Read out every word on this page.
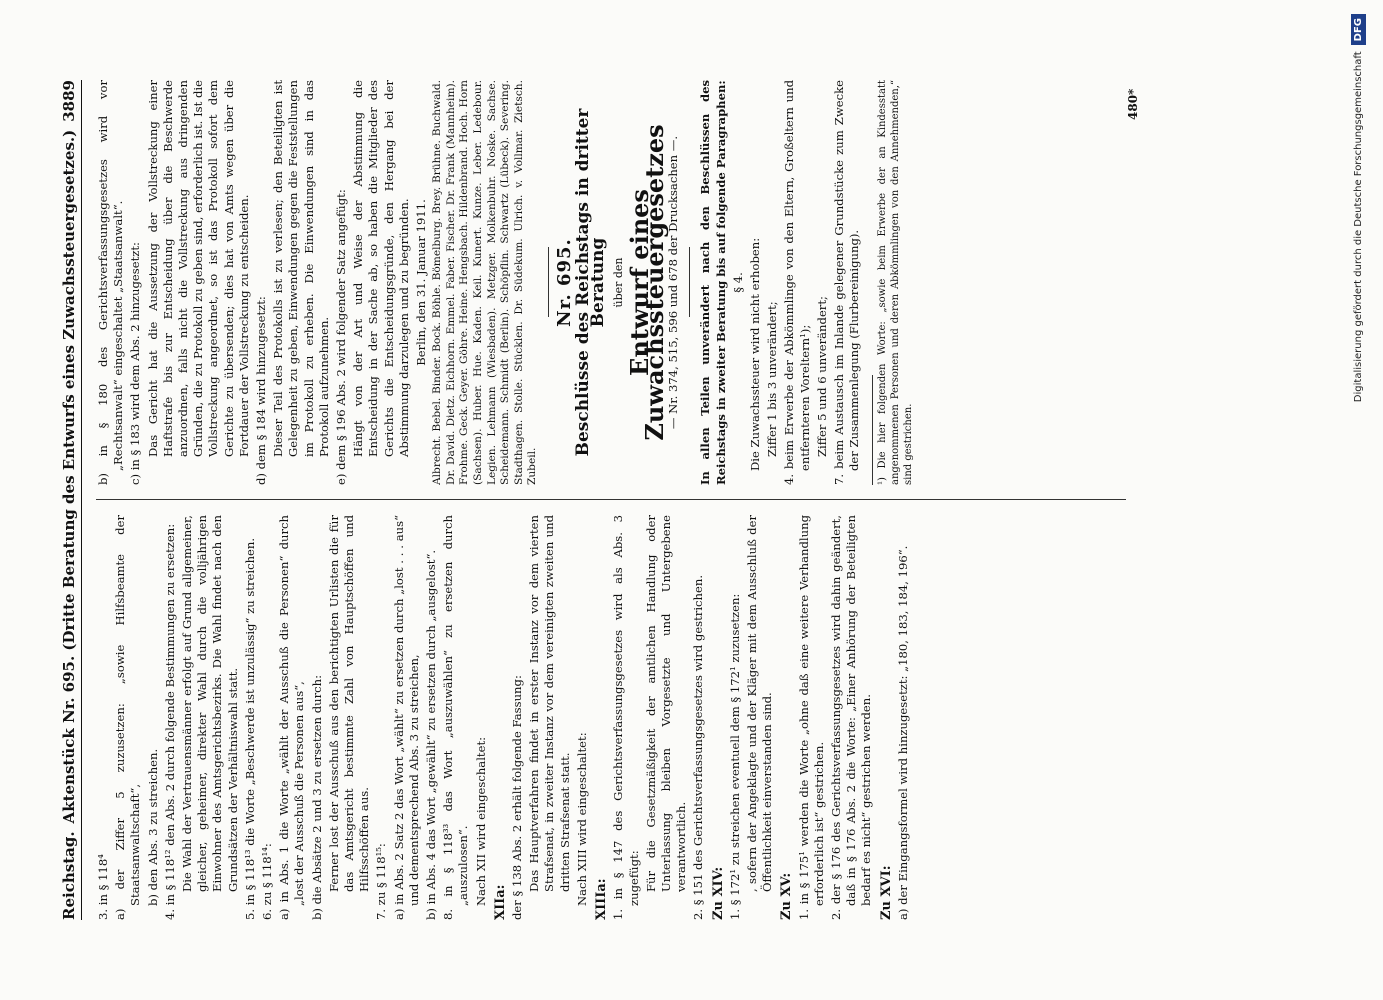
Reichstag.
Aktenstück Nr. 695. (Dritte Beratung des Entwurfs eines Zuwachssteuergesetzes.)
3889
3. in § 118⁴ a) der Ziffer 5 zuzusetzen: „sowie Hilfsbeamte der Staatsanwaltschaft“, b) den Abs. 3 zu streichen. 4. in § 118¹² den Abs. 2 durch folgende Bestimmungen zu ersetzen: Die Wahl der Vertrauensmänner erfolgt auf Grund allgemeiner, gleicher, geheimer, direkter Wahl durch die volljährigen Einwohner des Amtsgerichtsbezirks. Die Wahl findet nach den Grundsätzen der Verhältniswahl statt. 5. in § 118¹³ die Worte „Beschwerde ist unzulässig“ zu streichen. 6. zu § 118¹⁴: a) in Abs. 1 die Worte „wählt der Ausschuß die Personen“ durch „lost der Ausschuß die Personen aus“, b) die Absätze 2 und 3 zu ersetzen durch: Ferner lost der Ausschuß aus den berichtigten Urlisten die für das Amtsgericht bestimmte Zahl von Hauptschöffen und Hilfsschöffen aus. 7. zu § 118¹⁵: a) in Abs. 2 Satz 2 das Wort „wählt“ zu ersetzen durch „lost . . . aus“ und dementsprechend Abs. 3 zu streichen, b) in Abs. 4 das Wort „gewählt“ zu ersetzen durch „ausgelost“. 8. in § 118³³ das Wort „auszuwählen“ zu ersetzen durch „auszulosen“. Nach XII wird eingeschaltet: XIIa: der § 138 Abs. 2 erhält folgende Fassung: Das Hauptverfahren findet in erster Instanz vor dem vierten Strafsenat, in zweiter Instanz vor dem vereinigten zweiten und dritten Strafsenat statt. Nach XIII wird eingeschaltet: XIIIa: 1. in § 147 des Gerichtsverfassungsgesetzes wird als Abs. 3 zugefügt: Für die Gesetzmäßigkeit der amtlichen Handlung oder Unterlassung bleiben Vorgesetzte und Untergebene verantwortlich. 2. § 151 des Gerichtsverfassungsgesetzes wird gestrichen. Zu XIV: 1. § 172¹ zu streichen eventuell dem § 172¹ zuzusetzen: , sofern der Angeklagte und der Kläger mit dem Ausschluß der Öffentlichkeit einverstanden sind.
Zu XV: 1. in § 175¹ werden die Worte „ohne daß eine weitere Verhandlung erforderlich ist“ gestrichen. 2. der § 176 des Gerichtsverfassungsgesetzes wird dahin geändert, daß in § 176 Abs. 2 die Worte: „Einer Anhörung der Beteiligten bedarf es nicht“ gestrichen werden. Zu XVI: a) der Eingangsformel wird hinzugesetzt: „180, 183, 184, 196“.
b) in § 180 des Gerichtsverfassungsgesetzes wird vor „Rechtsanwalt“ eingeschaltet „Staatsanwalt“. c) in § 183 wird dem Abs. 2 hinzugesetzt: Das Gericht hat die Aussetzung der Vollstreckung einer Haftstrafe bis zur Entscheidung über die Beschwerde anzuordnen, falls nicht die Vollstreckung aus dringenden Gründen, die zu Protokoll zu geben sind, erforderlich ist. Ist die Vollstreckung angeordnet, so ist das Protokoll sofort dem Gerichte zu übersenden; dies hat von Amts wegen über die Fortdauer der Vollstreckung zu entscheiden. d) dem § 184 wird hinzugesetzt: Dieser Teil des Protokolls ist zu verlesen; den Beteiligten ist Gelegenheit zu geben, Einwendungen gegen die Feststellungen im Protokoll zu erheben. Die Einwendungen sind in das Protokoll aufzunehmen. e) dem § 196 Abs. 2 wird folgender Satz angefügt: Hängt von der Art und Weise der Abstimmung die Entscheidung in der Sache ab, so haben die Mitglieder des Gerichts die Entscheidungsgründe, den Hergang bei der Abstimmung darzulegen und zu begründen. Berlin, den 31. Januar 1911. Albrecht. Bebel. Binder. Bock. Böhle. Bömelburg. Brey. Brühne. Buchwald. Dr. David. Dietz. Eichhorn. Emmel. Faber. Fischer. Dr. Frank (Mannheim). Frohme. Geck. Geyer. Göhre. Heine. Hengsbach. Hildenbrand. Hoch. Horn (Sachsen). Huber. Hue. Kaden. Keil. Kunert. Kunze. Leber. Ledebour. Legien. Lehmann (Wiesbaden). Metzger. Molkenbuhr. Noske. Sachse. Scheidemann. Schmidt (Berlin). Schöpflin. Schwartz (Lübeck). Severing. Stadthagen. Stolle. Stücklen. Dr. Südekum. Ulrich. v. Vollmar. Zietsch. Zubeil.
Nr. 695.
Beschlüsse des Reichstags in dritter Beratung über den Entwurf eines Zuwachssteuergesetzes
— Nr. 374, 515, 596 und 678 der Drucksachen —. In allen Teilen unverändert nach den Beschlüssen des Reichstags in zweiter Beratung bis auf folgende Paragraphen: § 4. Die Zuwachssteuer wird nicht erhoben: Ziffer 1 bis 3 unverändert; 4. beim Erwerbe der Abkömmlinge von den Eltern, Großeltern und entfernteren Voreltern¹); Ziffer 5 und 6 unverändert; 7. beim Austausch im Inlande gelegener Grundstücke zum Zwecke der Zusammenlegung (Flurbereinigung). ¹) Die hier folgenden Worte: „sowie beim Erwerbe der an Kindesstatt angenommenen Personen und deren Abkömmlingen von den Annehmenden,“ sind gestrichen.
480*	Digitalisierung gefördert durch die Deutsche Forschungsgemeinschaft
DFG
